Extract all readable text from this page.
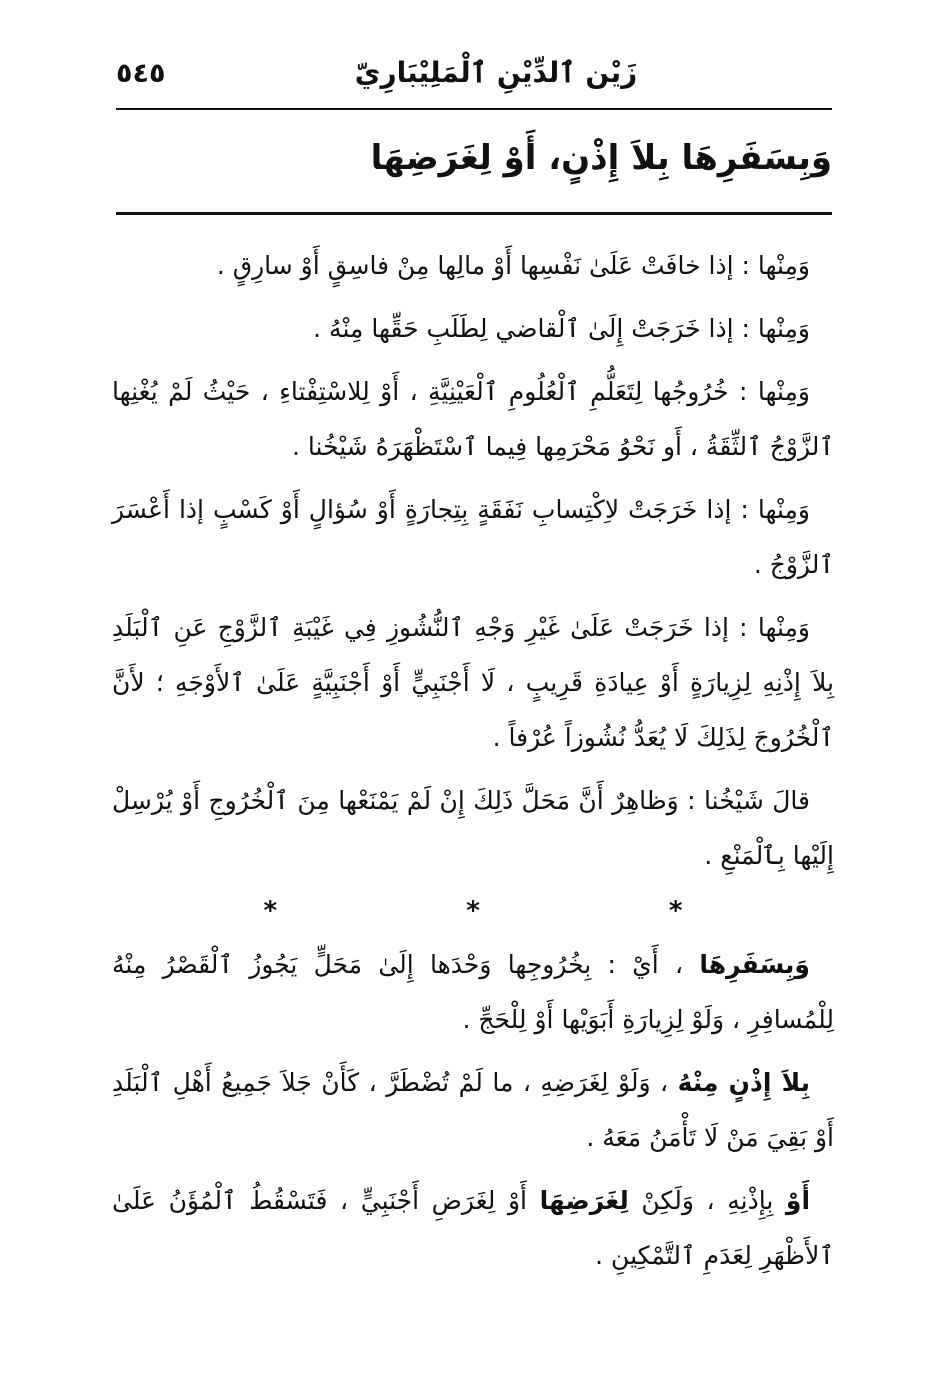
٥٤٥	زَيْن ٱلدِّيْنِ ٱلْمَلِيْبَارِيّ
وَبِسَفَرِهَا بِلاَ إِذْنٍ، أَوْ لِغَرَضِهَا

وَمِنْها : إذا خافَتْ عَلَىٰ نَفْسِها أَوْ مالِها مِنْ فاسِقٍ أَوْ سارِقٍ .

وَمِنْها : إذا خَرَجَتْ إِلَىٰ ٱلْقاضي لِطَلَبِ حَقِّها مِنْهُ .

وَمِنْها : خُرُوجُها لِتَعَلُّمِ ٱلْعُلُومِ ٱلْعَيْنِيَّةِ ، أَوْ لِلاسْتِفْتاءِ ، حَيْثُ لَمْ يُغْنِها ٱلزَّوْجُ ٱلثِّقَةُ ، أَو نَحْوُ مَحْرَمِها فِيما ٱسْتَظْهَرَهُ شَيْخُنا .

وَمِنْها : إذا خَرَجَتْ لاِكْتِسابِ نَفَقَةٍ بِتِجارَةٍ أَوْ سُؤالٍ أَوْ كَسْبٍ إذا أَعْسَرَ ٱلزَّوْجُ .

وَمِنْها : إذا خَرَجَتْ عَلَىٰ غَيْرِ وَجْهِ ٱلنُّشُوزِ فِي غَيْبَةِ ٱلزَّوْجِ عَنِ ٱلْبَلَدِ بِلاَ إِذْنِهِ لِزِيارَةٍ أَوْ عِيادَةِ قَرِيبٍ ، لَا أَجْنَبِيٍّ أَوْ أَجْنَبِيَّةٍ عَلَىٰ ٱلأَوْجَهِ ؛ لأَنَّ ٱلْخُرُوجَ لِذَلِكَ لَا يُعَدُّ نُشُوزاً عُرْفاً .

قالَ شَيْخُنا : وَظاهِرٌ أَنَّ مَحَلَّ ذَلِكَ إِنْ لَمْ يَمْنَعْها مِنَ ٱلْخُرُوجِ أَوْ يُرْسِلْ إِلَيْها بِٱلْمَنْعِ .

* * *

وَبِسَفَرِهَا ، أَيْ : بِخُرُوجِها وَحْدَها إِلَىٰ مَحَلٍّ يَجُوزُ ٱلْقَصْرُ مِنْهُ لِلْمُسافِرِ ، وَلَوْ لِزِيارَةِ أَبَوَيْها أَوْ لِلْحَجِّ .

بِلاَ إِذْنٍ مِنْهُ ، وَلَوْ لِغَرَضِهِ ، ما لَمْ تُضْطَرَّ ، كَأَنْ جَلاَ جَمِيعُ أَهْلِ ٱلْبَلَدِ أَوْ بَقِيَ مَنْ لَا تَأْمَنُ مَعَهُ .

أَوْ بِإِذْنِهِ ، وَلَكِنْ لِغَرَضِهَا أَوْ لِغَرَضِ أَجْنَبِيٍّ ، فَتَسْقُطُ ٱلْمُؤَنُ عَلَىٰ ٱلأَظْهَرِ لِعَدَمِ ٱلتَّمْكِينِ .
